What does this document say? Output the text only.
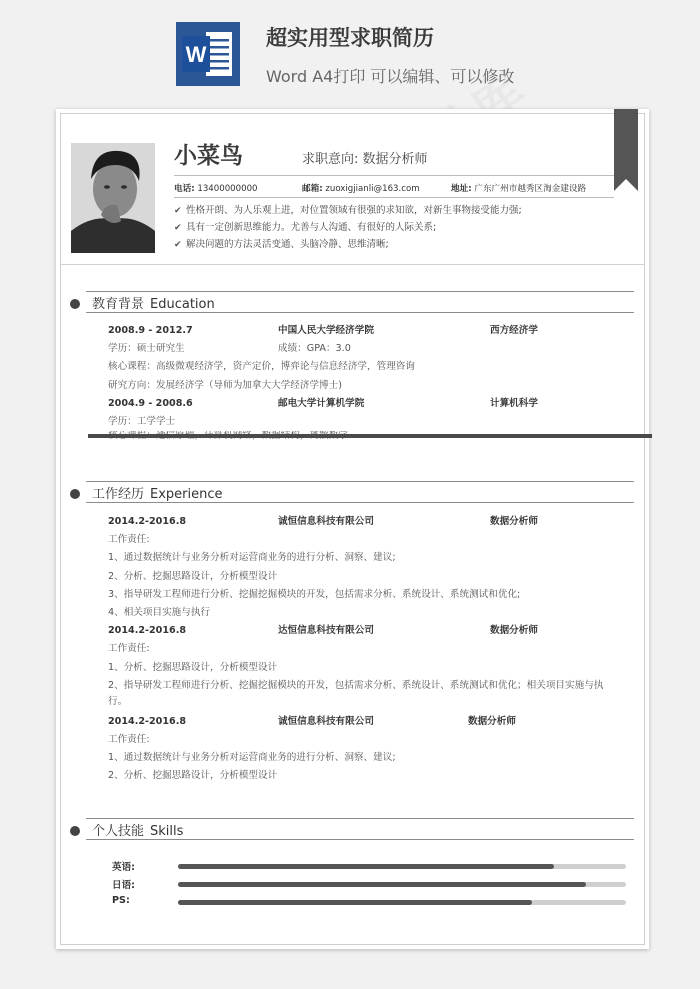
W
超实用型求职简历
Word A4打印 可以编辑、可以修改
小菜鸟	求职意向: 数据分析师
电话: 13400000000	邮箱: zuoxigjianli@163.com	地址: 广东广州市越秀区淘金建设路
✔ 性格开朗、为人乐观上进，对位置领域有很强的求知欲，对新生事物接受能力强;
✔ 具有一定创新思维能力。尤善与人沟通、有很好的人际关系;
✔ 解决问题的方法灵活变通、头脑冷静、思维清晰;
教育背景 Education
2008.9 - 2012.7	中国人民大学经济学院	西方经济学
学历：硕士研究生	成绩：GPA：3.0
核心课程：高级微观经济学，资产定价，博弈论与信息经济学，管理咨询
研究方向：发展经济学（导师为加拿大大学经济学博士)
2004.9 - 2008.6	邮电大学计算机学院	计算机科学
学历：工学学士
工作经历 Experience
2014.2-2016.8	诚恒信息科技有限公司	数据分析师
工作责任:
1、通过数据统计与业务分析对运营商业务的进行分析、洞察、建议;
2、分析、挖掘思路设计，分析模型设计
3、指导研发工程师进行分析、挖掘挖掘模块的开发，包括需求分析、系统设计、系统测试和优化;
4、相关项目实施与执行
2014.2-2016.8	达恒信息科技有限公司	数据分析师
工作责任:
1、分析、挖掘思路设计，分析模型设计
2、指导研发工程师进行分析、挖掘挖掘模块的开发，包括需求分析、系统设计、系统测试和优化；相关项目实施与执行。
2014.2-2016.8	诚恒信息科技有限公司	数据分析师
工作责任:
1、通过数据统计与业务分析对运营商业务的进行分析、洞察、建议;
2、分析、挖掘思路设计，分析模型设计
个人技能 Skills
英语:
日语:
PS:
